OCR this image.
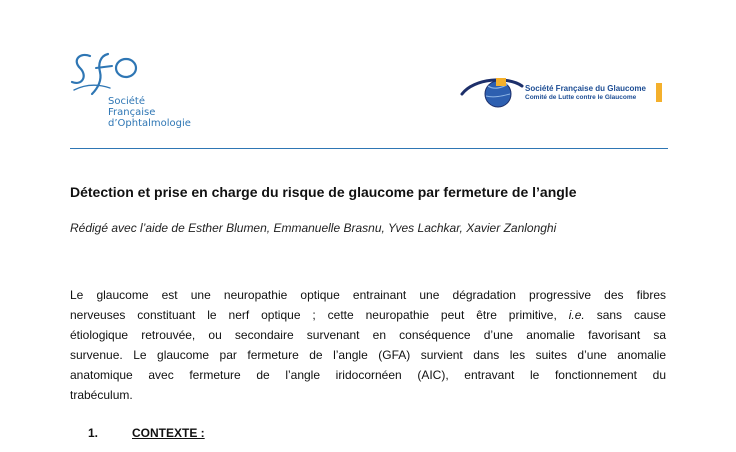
Société
Française
d’Ophtalmologie
Société Française du Glaucome
Comité de Lutte contre le Glaucome
Détection et prise en charge du risque de glaucome par fermeture de l’angle

Rédigé avec l’aide de Esther Blumen, Emmanuelle Brasnu, Yves Lachkar, Xavier Zanlonghi

Le glaucome est une neuropathie optique entrainant une dégradation progressive des fibres
nerveuses constituant le nerf optique ; cette neuropathie peut être primitive, i.e. sans cause
étiologique retrouvée, ou secondaire survenant en conséquence d’une anomalie favorisant sa
survenue. Le glaucome par fermeture de l’angle (GFA) survient dans les suites d’une anomalie
anatomique avec fermeture de l’angle iridocornéen (AIC), entravant le fonctionnement du
trabéculum.
1.	CONTEXTE :
